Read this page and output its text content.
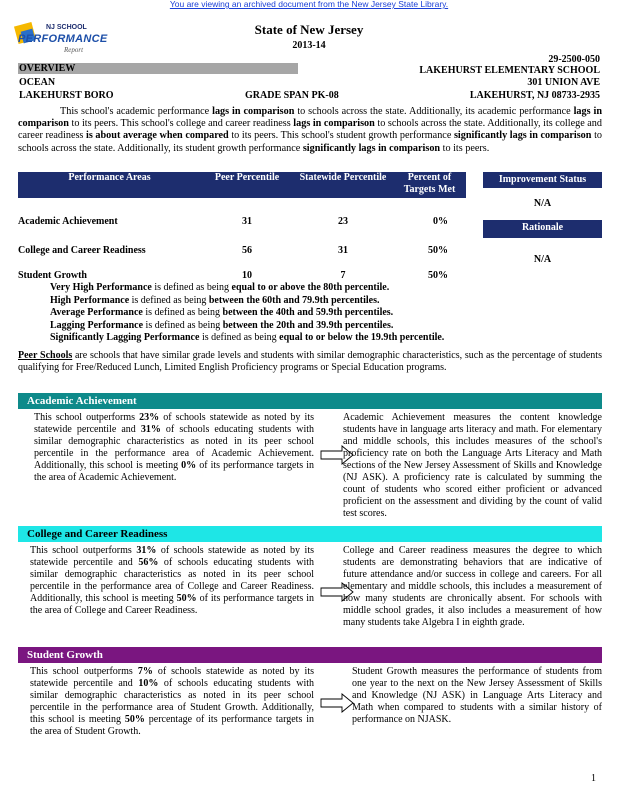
You are viewing an archived document from the New Jersey State Library.
NJ SCHOOL
PERFORMANCE
Report
State of New Jersey
2013-14
29-2500-050
OVERVIEW	LAKEHURST ELEMENTARY SCHOOL
OCEAN	301 UNION AVE
LAKEHURST BORO	GRADE SPAN PK-08	LAKEHURST, NJ 08733-2935
This school's academic performance lags in comparison to schools across the state. Additionally, its academic performance lags in comparison to its peers. This school's college and career readiness lags in comparison to schools across the state. Additionally, its college and career readiness is about average when compared to its peers. This school's student growth performance significantly lags in comparison to schools across the state. Additionally, its student growth performance significantly lags in comparison to its peers.
Performance Areas	Peer Percentile	Statewide Percentile	Percent of Targets Met
Academic Achievement	31	23	0%
College and Career Readiness	56	31	50%
Student Growth	10	7	50%
Improvement Status
N/A
Rationale
N/A
Very High Performance is defined as being equal to or above the 80th percentile.
High Performance is defined as being between the 60th and 79.9th percentiles.
Average Performance is defined as being between the 40th and 59.9th percentiles.
Lagging Performance is defined as being between the 20th and 39.9th percentiles.
Significantly Lagging Performance is defined as being equal to or below the 19.9th percentile.
Peer Schools are schools that have similar grade levels and students with similar demographic characteristics, such as the percentage of students qualifying for Free/Reduced Lunch, Limited English Proficiency programs or Special Education programs.
Academic Achievement
This school outperforms 23% of schools statewide as noted by its statewide percentile and 31% of schools educating students with similar demographic characteristics as noted in its peer school percentile in the performance area of Academic Achievement. Additionally, this school is meeting 0% of its performance targets in the area of Academic Achievement.
Academic Achievement measures the content knowledge students have in language arts literacy and math. For elementary and middle schools, this includes measures of the school's proficiency rate on both the Language Arts Literacy and Math sections of the New Jersey Assessment of Skills and Knowledge (NJ ASK). A proficiency rate is calculated by summing the count of students who scored either proficient or advanced proficient on the assessment and dividing by the count of valid test scores.
College and Career Readiness
This school outperforms 31% of schools statewide as noted by its statewide percentile and 56% of schools educating students with similar demographic characteristics as noted in its peer school percentile in the performance area of College and Career Readiness. Additionally, this school is meeting 50% of its performance targets in the area of College and Career Readiness.
College and Career readiness measures the degree to which students are demonstrating behaviors that are indicative of future attendance and/or success in college and careers. For all elementary and middle schools, this includes a measurement of how many students are chronically absent. For schools with middle school grades, it also includes a measurement of how many students take Algebra I in eighth grade.
Student Growth
This school outperforms 7% of schools statewide as noted by its statewide percentile and 10% of schools educating students with similar demographic characteristics as noted in its peer school percentile in the performance area of Student Growth. Additionally, this school is meeting 50% percentage of its performance targets in the area of Student Growth.
Student Growth measures the performance of students from one year to the next on the New Jersey Assessment of Skills and Knowledge (NJ ASK) in Language Arts Literacy and Math when compared to students with a similar history of performance on NJASK.
1
